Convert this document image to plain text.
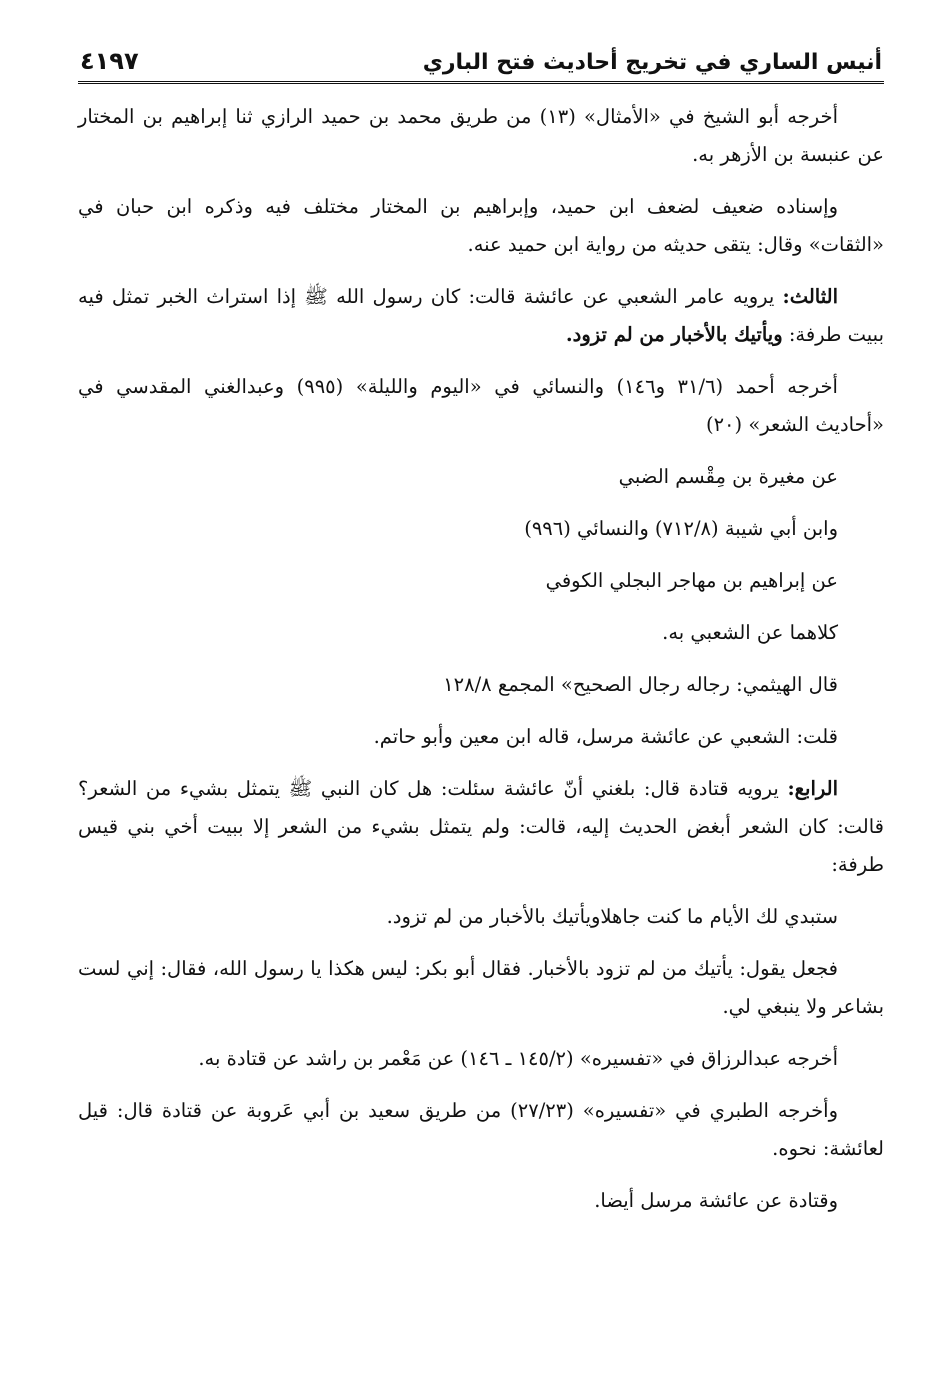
أنيس الساري في تخريج أحاديث فتح الباري
٤١٩٧

أخرجه أبو الشيخ في «الأمثال» (١٣) من طريق محمد بن حميد الرازي ثنا إبراهيم بن المختار عن عنبسة بن الأزهر به.

وإسناده ضعيف لضعف ابن حميد، وإبراهيم بن المختار مختلف فيه وذكره ابن حبان في «الثقات» وقال: يتقى حديثه من رواية ابن حميد عنه.

الثالث: يرويه عامر الشعبي عن عائشة قالت: كان رسول الله ﷺ إذا استراث الخبر تمثل فيه ببيت طرفة: ويأتيك بالأخبار من لم تزود.

أخرجه أحمد (٣١/٦ و١٤٦) والنسائي في «اليوم والليلة» (٩٩٥) وعبدالغني المقدسي في «أحاديث الشعر» (٢٠)

عن مغيرة بن مِقْسم الضبي

وابن أبي شيبة (٧١٢/٨) والنسائي (٩٩٦)

عن إبراهيم بن مهاجر البجلي الكوفي

كلاهما عن الشعبي به.

قال الهيثمي: رجاله رجال الصحيح» المجمع ١٢٨/٨

قلت: الشعبي عن عائشة مرسل، قاله ابن معين وأبو حاتم.

الرابع: يرويه قتادة قال: بلغني أنّ عائشة سئلت: هل كان النبي ﷺ يتمثل بشيء من الشعر؟ قالت: كان الشعر أبغض الحديث إليه، قالت: ولم يتمثل بشيء من الشعر إلا ببيت أخي بني قيس طرفة:

ستبدي لك الأيام ما كنت جاهلاويأتيك بالأخبار من لم تزود.

فجعل يقول: يأتيك من لم تزود بالأخبار. فقال أبو بكر: ليس هكذا يا رسول الله، فقال: إني لست بشاعر ولا ينبغي لي.

أخرجه عبدالرزاق في «تفسيره» (١٤٥/٢ ـ ١٤٦) عن مَعْمر بن راشد عن قتادة به.

وأخرجه الطبري في «تفسيره» (٢٧/٢٣) من طريق سعيد بن أبي عَروبة عن قتادة قال: قيل لعائشة: نحوه.

وقتادة عن عائشة مرسل أيضا.
